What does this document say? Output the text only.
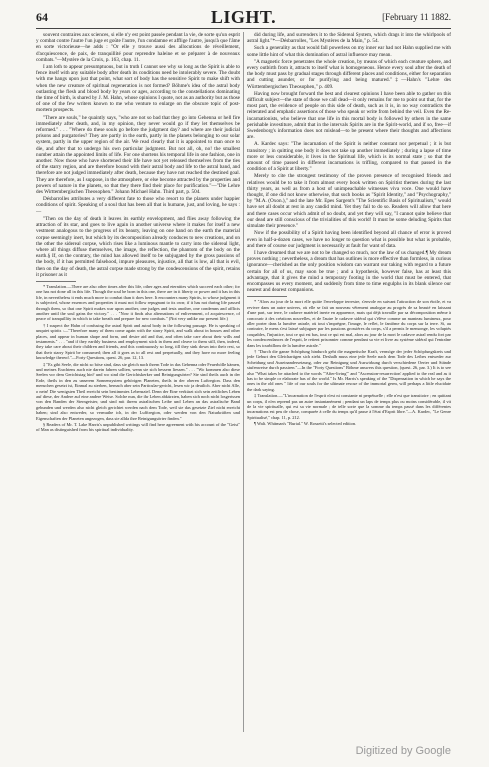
64	LIGHT.	[February 11 1882.

souvent contraires aux sciences, si elle n'y est point passée pendant la vie, de sorte qu'un esprit y combat contre l'autre l'un juge et goûte l'autre, l'un condamne et afflige l'autre, jusqu'à que l'âme en sorte victorieuse—he adds : "Or elle y trouve aussi des allocutions de réveillement, d'acquiescence, de paix, de tranquillité pour reprendre haleine et se préparer à de nouveaux combats."—Mystère de la Croix, p. 163, chap. 11.

I am loth to appear presumptuous, but in truth I cannot see why so long as the Spirit is able to fence itself with any suitable body after death its conditions need be intolerably severe. The doubt with me hangs upon just that point, what sort of body has the sensitive Spirit to make shift with when the new creature of spiritual regeneration is not formed? Böhme's idea of the astral body outlasting the flesh and blood body by years or ages, according to the constellations dominating the time of birth, is shared by J. M. Hahn, whose opinions I quote, not as an authority but as those of one of the few writers known to me who venture to enlarge on the obscure topic of post-mortem prospects.

"There are souls," he quaintly says, "who are not so bad that they go into Gehenna or hell fire immediately after death, and, in my opinion, they never would go if they let themselves be reformed." . . . "Where do these souls go before the judgment day? and where are their judicial prisons and purgatories? They are partly in the earth, partly in the planets belonging to our solar system, partly in the upper region of the air. We read clearly that it is appointed to man once to die, and after that to undergo his own particular judgment. But not all, oh, no! the smallest number attain the appointed limits of life. For one shortens his temporal life in one fashion, one in another. Now those who have shortened their life have not yet released themselves from the ties of the starry region, and are therefore bound with their astral body and life to the astral band, and therefore are not judged immediately after death, because they have not reached the destined goal. They are therefore, as I suppose, in the atmosphere, or else become attracted by the properties and powers of nature in the planets, so that they there find their place for purification."—"Die Lehre des Wirttembergischen Theosophen." Johann Michael Hahn. Third part, p. 504.

Désbarrolles attributes a very different fate to those who resort to the planets under happier conditions of spirit. Speaking of a soul that has been all that is humane, just, and loving, he says :—

"Then on the day of death it leaves its earthly envelopment, and flies away following the attraction of its star, and goes to live again in another universe where it makes for itself a new vestment analogous to the progress of its beauty, leaving on one hand on the earth the material corpse seemingly inert, but which by its decomposition already conduces to new creations, and on the other the sidereal corpse, which rises like a luminous mantle to carry into the sidereal light, where all things diffuse themselves, the image, the reflection, the phantom of the body on the earth.§ If, on the contrary, the mind has allowed itself to be subjugated by the gross passions of the body, if it has permitted falsehood, impure pleasures, injustice, all that is low, all that is evil, then on the day of death, the astral corpse made strong by the condescensions of the spirit, retains it prisoner as it

* Translation.—There are also other times after this life, other ages and eternities which succeed each other; for one has not done all in this life. Though the soul be born in this one, there are in it liberty or power and it has in this life, in nevertheless it ends much more to combat than it does here. It encounters many Spirits, to whose judgment it is subjected, whose essences and properties it must not follow repugnant to its own; if it has not during life passed through them, so that one Spirit makes war upon another, one judges and tests another, one condemns and afflicts another until the soul gains the victory." . . . "Now it finds also alternations of enlivenment, of acquiescence, of peace of tranquillity in which to take breath and prepare for new combats." (Not very unlike our present life.)

† I suspect the Hahn of confusing the astral Spirit and astral body in the following passage. He is speaking of unquiet spirits :—"Therefore many of them come again with the starry Spirit, and walk about in houses and other places, and appear in human shape and form, and desire aid and that, and often take care about their wills and testaments." . . . "and if they earthly business and employment stick in them and cleave to them still, then, indeed, they take care about their children and friends, and this continuously so long, till they sink down into their rest, so that their starry Spirit be consumed; then all it goes as to all rest and perpetually, and they have no more feeling knowledge thereof."—Forty Questions, quest. 26, par. 12, 13.

‡ "Es gibt Seele, die nicht so böse sind, dass sie gleich nach ihrem Tode in das Gehenna oder Feuerhölle kämen, und meines Erachtens auch nie darein fahren sollten, wenn sie sich bessern liessen." . . . "Wo kommen also diese Seelen vor dem Gerichtstag hin? und wo sind die Gerichtskerker und Reinigungsörter? Sie sind theils auch in der Erde, theils in den zu unserem Sonnensystem gehörigen Planeten, theils in der oberen Luftregion. Dass den menschen gesetzt ist, Einmal zu sterben, hernach aber sein Particular-gericht, lesen wir ja deutlich. Aber nicht Alle, o nein! Die wenigsten Theil erreicht sein bestimmtes Lebensziel. Denn der Eine verkürzt sich sein zeitliches Leben auf diese, der Andere auf eine andere Weise. Solche nun, die ihr Leben abkürzten, haben sich noch nicht losgerissen von den Banden der Sterngeister, und sind mit ihrem astralischen Leibe und Leben an das astralische Band gebunden und werden also nicht gleich gerichtet werden nach dem Tode, weil sie das gesetzte Ziel nicht erreicht haben; sind also entweder, so vermuthe ich, in der Lufftregion, oder werden von den Naturkräften und Eigenschaften der Planeten angezogen, dass sie allda ihre Reinigungsörter finden."

§ Readers of Mr. T. Lake Harris's unpublished writings will find here agreement with his account of the "Geist" of Man as distinguished from his spiritual individuality.

did during life, and surrenders it to the Sidereal System, which drags it into the whirlpools of astral light."*—Désbarrolles, "Les Mystères de la Main," p. 54.

Such a generality as that would fall powerless on my inner ear had not Hahn supplied me with some little hint of what this domination of astral influence may mean.

"A magnetic force penetrates the whole creation, by means of which each creature sphere, and every outbirth from it, attracts to itself what is homogeneous. Hence every soul after the death of the body must pass by gradual stages through different places and conditions, either for separation and cutting asunder, or for purifying and being matured."‡—Hahn's "Lehre des Württembergischen Theosophen," p. 409.

Having now brought forward the best and clearest opinions I have been able to gather on this difficult subject—the state of those we call dead—it only remains for me to point out that, for the most part, the evidence of people on this side of death, such as it is, in no way contradicts the reiterated and emphatic assertions of those who speak or write from behind the veil. Even the Re-incarnationists, who believe that one life in this mortal body is followed by others in the same perishable investiture, admit that in the intervals Spirits are in the Spirit-world, and if so, free—if Swedenborg's information does not mislead—to be present where their thoughts and affections are.

A. Kardec says: "The incarnation of the Spirit is neither constant nor perpetual ; it is but transitory ; in quitting one body it does not take up another immediately ; during a lapse of time more or less considerable, it lives in the Spiritual life, which is its normal state ; so that the amount of time passed in different incarnations is trifling, compared to that passed in the condition of a Spirit at liberty."

Merely to cite the strongest testimony of the proven presence of recognised friends and relatives would be to take it from almost every book written on Spiritist themes during the last thirty years, as well as from a host of unimpeachable witnesses viva voce. One would have thought, if one did not know otherwise, that such books as "Spirit Identity," and "Psychography," by "M.A. (Oxon.)," and the late Mr. Epes Sargent's "The Scientific Basis of Spiritualism," would have set all doubt at rest in any candid mind. Yet they fail to do so. Readers will allow that here and there cases occur which admit of no doubt, and yet they will say, "I cannot quite believe that our dead are still conscious of the trivialities of this world! It must be some deluding Spirits that simulate their presence."

Now if the possibility of a Spirit having been identified beyond all chance of error is proved even in half-a-dozen cases, we have no longer to question what is possible but what is probable, and there of course our judgment is necessarily at fault for want of data.

I have dreamed that we are not to be changed so much, nor the law of us changed.¶ My dream proves nothing ; nevertheless, a dream that has outlines is more effective than formless, in curious ignorance—cherished as the only position wisdom can warrant our taking with regard to a future certain for all of us, may soon be true ; and a hypothesis, however false, has at least this advantage, that it gives the mind a temporary footing in the world that must be entered, that encompasses us every moment, and suddenly from time to time engulphs in its blank silence our nearest and dearest companions.

* "Alors au jour de la mort elle quitte l'enveloppe terrestre, s'envole en suivant l'attraction de son étoile, et va revivre dans un autre univers, où elle se fait un nouveau vêtement analogue au progrès de sa beauté en laissant d'une part, sur terre, le cadavre matériel inerte en apparence, mais qui déjà travaille par sa décomposition même à concourir à des créations nouvelles, et de l'autre le cadavre sidéral qui s'élève comme un manteau lumineux, pour aller porter dans la lumière astrale, où tout s'imprègne, l'image, le reflet, le fantôme du corps sur la terre. Si, au contraire, le mens s'est laissé subjuguer par les passions grossières du corps, s'il a permis le mensonge, les voluptés coupables, l'injustice, tout ce qui est bas, tout ce qui est mal, alors au jour de la mort le cadavre astral rendu fort par les condescendances de l'esprit, le retient prisonnier comme pendant sa vie et livre au système sidéral qui l'entraîne dans les tourbillons de la lumière astrale."

† "Durch die ganze Schöpfung hindurch geht die magnetische Kraft, vermöge der jeder Schöpfungskreis und jede Geburt den Gleichartigen sich zieht. Deshalb muss eine jede Seele nach dem Tode des Leibes entweder zur Scheidung und Auseinandersetzung, oder zur Reinigung und Auswirkung durch verschiedene Oerter und Stände stufenweise durch passiren."—In the "Forty Questions" Böhme answers this question, (quest. 26, par. 3.) It is to see also "What takes be attached to the words "'After-living'" and "Ascension-resurrection' applied to the real and as it has to be simple or elaborate has of the world." Is Mr. Harris's speaking of the "Dispensation in which he says the ones in the old ones " life of our souls for the ultimate rescue of the immortal germ, will perhaps a little elucidate the dark saying.

‡ Translation.—"L'incarnation de l'esprit n'est ni constante ni perpétuelle ; elle n'est que transitoire ; en quittant un corps, il n'en reprend pas un autre instantanément ; pendant un laps de temps plus ou moins considérable, il vit de la vie spiritualle, qui est sa vie normale ; de telle sorte que la somme du temps passé dans les différentes incarnations est peu de chose, comparée à celle du temps qu'il passe à l'état d'Esprit libre."—A. Kardec, "Le Genre Spiritualisé," chap. 11, p. 212.

¶ Walt. Whitman's "Burial." W. Rossetti's selected edition.

Digitized by Google
